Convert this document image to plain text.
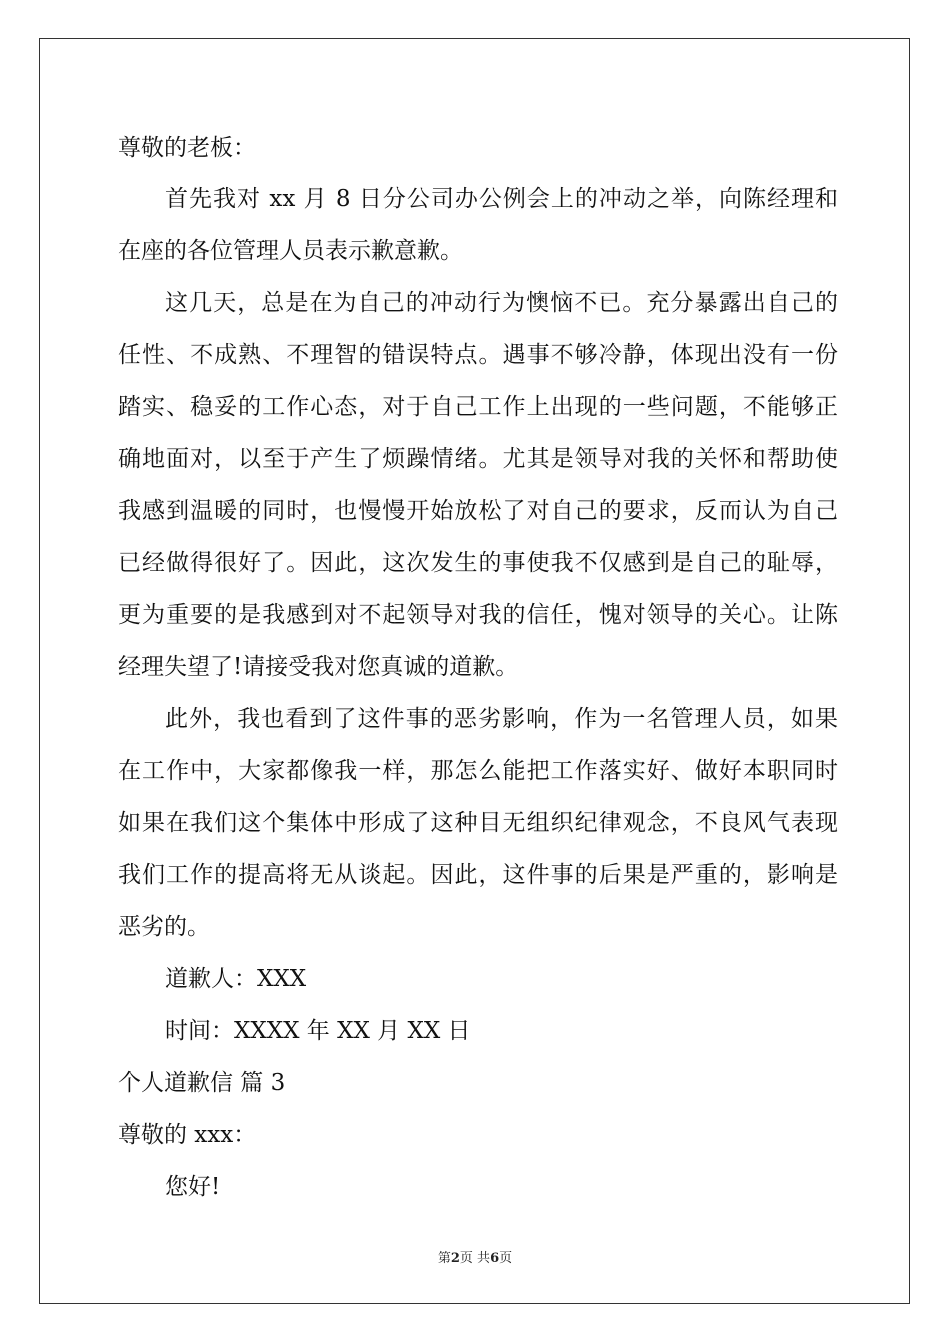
尊敬的老板：

首先我对 xx 月 8 日分公司办公例会上的冲动之举，向陈经理和

在座的各位管理人员表示歉意歉。

这几天，总是在为自己的冲动行为懊恼不已。充分暴露出自己的

任性、不成熟、不理智的错误特点。遇事不够冷静，体现出没有一份

踏实、稳妥的工作心态，对于自己工作上出现的一些问题，不能够正

确地面对，以至于产生了烦躁情绪。尤其是领导对我的关怀和帮助使

我感到温暖的同时，也慢慢开始放松了对自己的要求，反而认为自己

已经做得很好了。因此，这次发生的事使我不仅感到是自己的耻辱，

更为重要的是我感到对不起领导对我的信任，愧对领导的关心。让陈

经理失望了!请接受我对您真诚的道歉。

此外，我也看到了这件事的恶劣影响，作为一名管理人员，如果

在工作中，大家都像我一样，那怎么能把工作落实好、做好本职同时

如果在我们这个集体中形成了这种目无组织纪律观念，不良风气表现

我们工作的提高将无从谈起。因此，这件事的后果是严重的，影响是

恶劣的。

道歉人：XXX

时间：XXXX 年 XX 月 XX 日

个人道歉信 篇 3

尊敬的 xxx：

您好!

第2页 共6页
